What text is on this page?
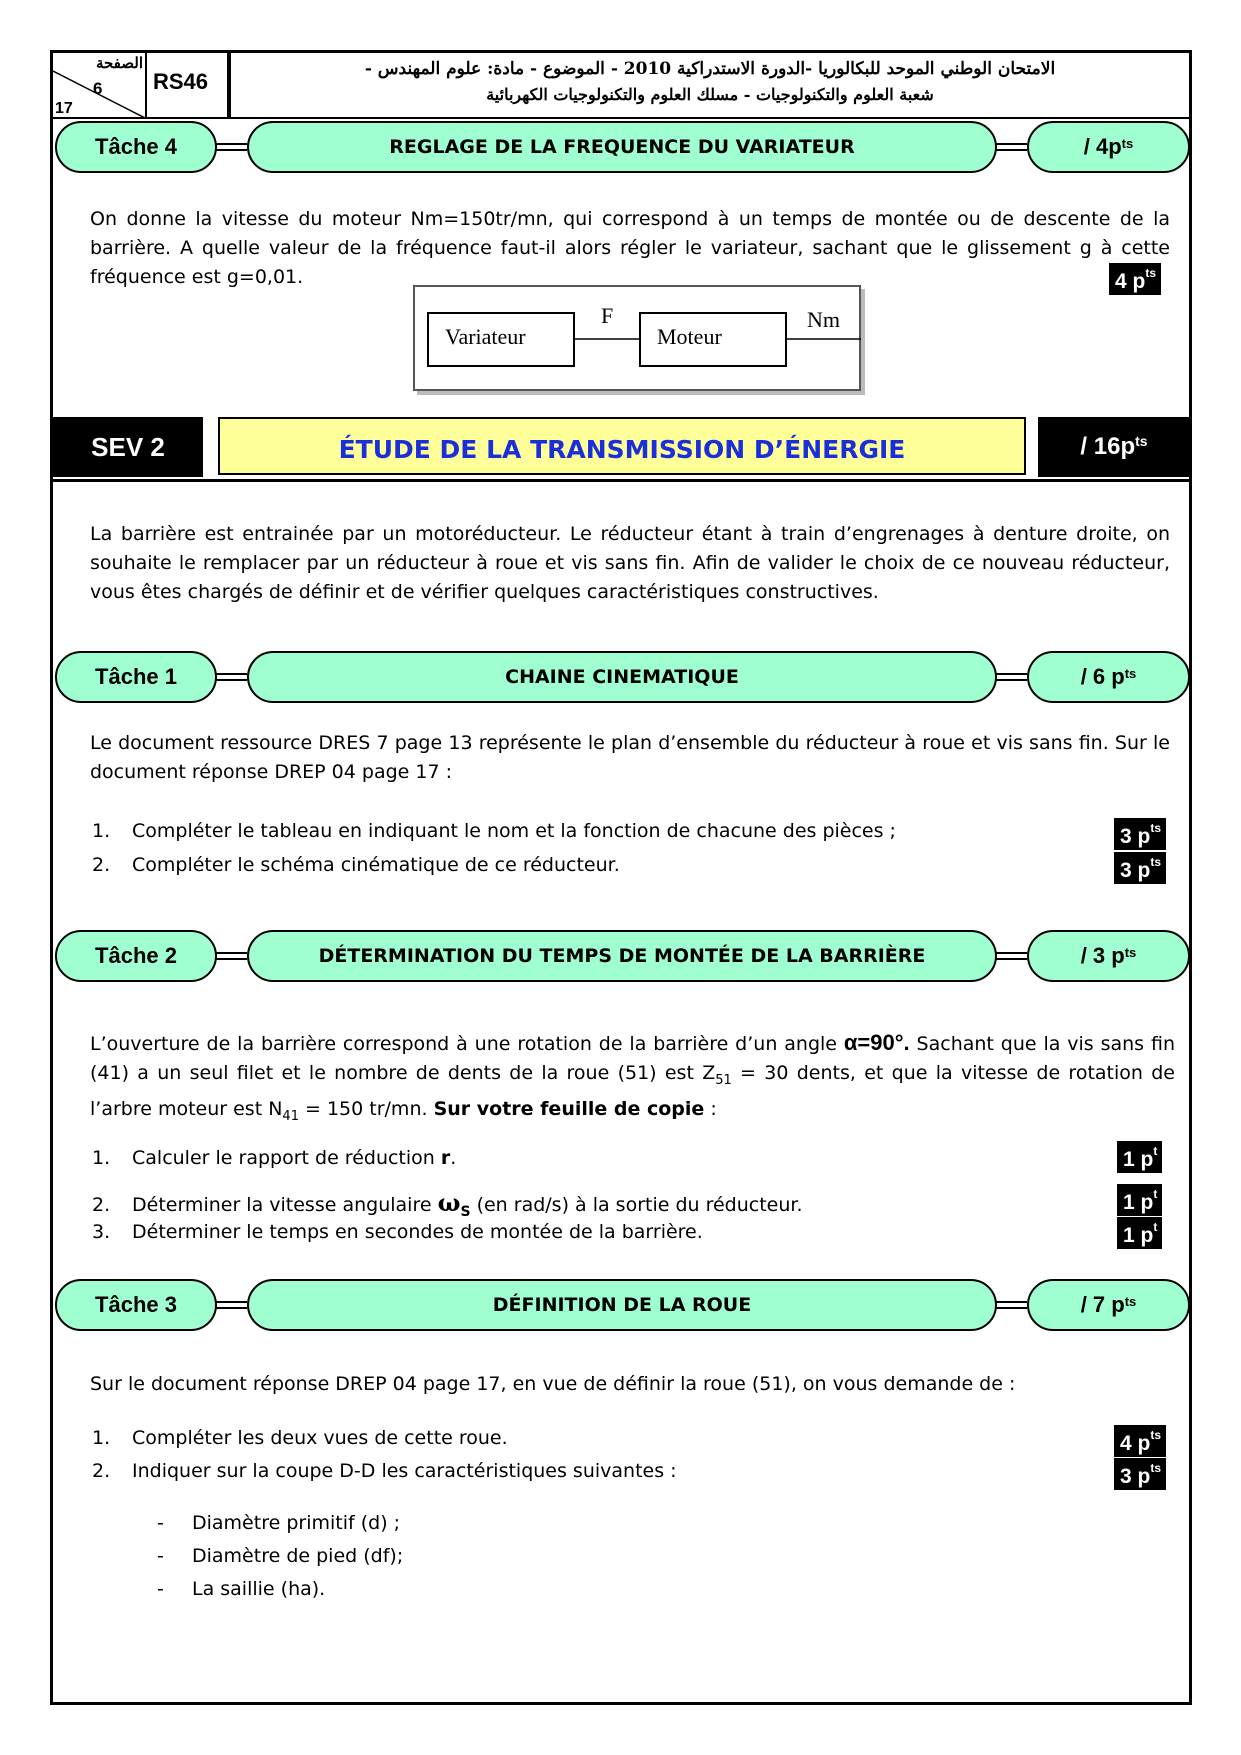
الصفحة
6
17
RS46	الامتحان الوطني الموحد للبكالوريا -الدورة الاستدراكية 2010 - الموضوع - مادة: علوم المهندس -
شعبة العلوم والتكنولوجيات - مسلك العلوم والتكنولوجيات الكهربائية
Tâche 4	REGLAGE DE LA FREQUENCE DU VARIATEUR	/ $4p^{ts}$
On donne la vitesse du moteur Nm=150tr/mn, qui correspond à un temps de montée ou de descente de la barrière. A quelle valeur de la fréquence faut-il alors régler le variateur, sachant que le glissement g à cette fréquence est g=0,01.	4 $p^{ts}$
Variateur	Moteur
F	Nm
SEV 2	ÉTUDE DE LA TRANSMISSION D’ÉNERGIE	/ $16p^{ts}$
La barrière est entrainée par un motoréducteur. Le réducteur étant à train d’engrenages à denture droite, on souhaite le remplacer par un réducteur à roue et vis sans fin. Afin de valider le choix de ce nouveau réducteur, vous êtes chargés de définir et de vérifier quelques caractéristiques constructives.
Tâche 1	CHAINE CINEMATIQUE	/ 6 $p^{ts}$
Le document ressource DRES 7 page 13 représente le plan d’ensemble du réducteur à roue et vis sans fin. Sur le document réponse DREP 04 page 17 :
1. Compléter le tableau en indiquant le nom et la fonction de chacune des pièces ;
2. Compléter le schéma cinématique de ce réducteur.
3 $p^{ts}$
3 $p^{ts}$
Tâche 2	DÉTERMINATION DU TEMPS DE MONTÉE DE LA BARRIÈRE	/ 3 $p^{ts}$
L’ouverture de la barrière correspond à une rotation de la barrière d’un angle α=90°. Sachant que la vis sans fin (41) a un seul filet et le nombre de dents de la roue (51) est $Z_{51} = 30$ dents, et que la vitesse de rotation de l’arbre moteur est $N_{41} = 150$ tr/mn. Sur votre feuille de copie :
1. Calculer le rapport de réduction r.
2. Déterminer la vitesse angulaire $\omega_S$ (en rad/s) à la sortie du réducteur.
3. Déterminer le temps en secondes de montée de la barrière.
1 $p^t$
1 $p^t$
1 $p^t$
Tâche 3	DÉFINITION DE LA ROUE	/ 7 $p^{ts}$
Sur le document réponse DREP 04 page 17, en vue de définir la roue (51), on vous demande de :
1. Compléter les deux vues de cette roue.
2. Indiquer sur la coupe D-D les caractéristiques suivantes :
4 $p^{ts}$
3 $p^{ts}$
- Diamètre primitif (d) ;
- Diamètre de pied (df);
- La saillie (ha).
